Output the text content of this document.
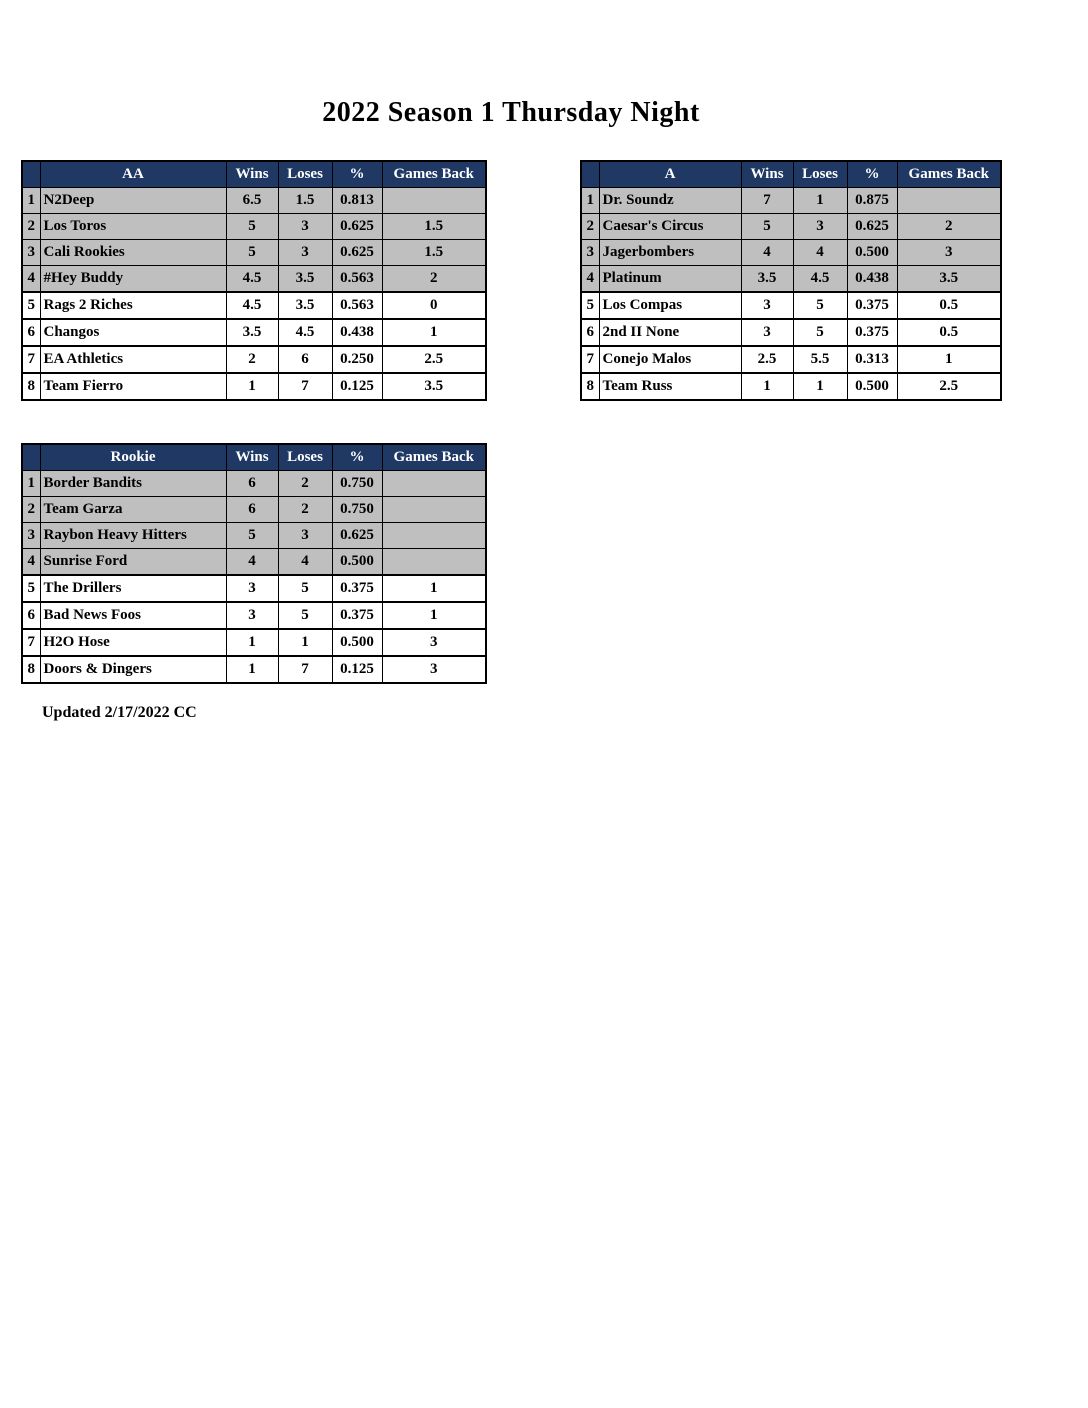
2022 Season 1 Thursday Night
	AA	Wins	Loses	%	Games Back
1	N2Deep	6.5	1.5	0.813	
2	Los Toros	5	3	0.625	1.5
3	Cali Rookies	5	3	0.625	1.5
4	#Hey Buddy	4.5	3.5	0.563	2
5	Rags 2 Riches	4.5	3.5	0.563	0
6	Changos	3.5	4.5	0.438	1
7	EA Athletics	2	6	0.250	2.5
8	Team Fierro	1	7	0.125	3.5
	A	Wins	Loses	%	Games Back
1	Dr. Soundz	7	1	0.875	
2	Caesar's Circus	5	3	0.625	2
3	Jagerbombers	4	4	0.500	3
4	Platinum	3.5	4.5	0.438	3.5
5	Los Compas	3	5	0.375	0.5
6	2nd II None	3	5	0.375	0.5
7	Conejo Malos	2.5	5.5	0.313	1
8	Team Russ	1	1	0.500	2.5
	Rookie	Wins	Loses	%	Games Back
1	Border Bandits	6	2	0.750	
2	Team Garza	6	2	0.750	
3	Raybon Heavy Hitters	5	3	0.625	
4	Sunrise Ford	4	4	0.500	
5	The Drillers	3	5	0.375	1
6	Bad News Foos	3	5	0.375	1
7	H2O Hose	1	1	0.500	3
8	Doors & Dingers	1	7	0.125	3
Updated 2/17/2022 CC
